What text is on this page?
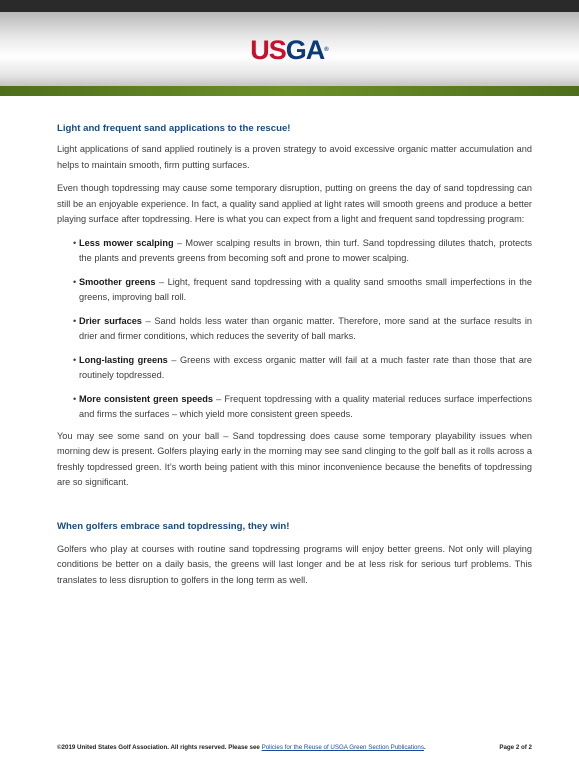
USGA®
Light and frequent sand applications to the rescue!

Light applications of sand applied routinely is a proven strategy to avoid excessive organic matter accumulation and helps to maintain smooth, firm putting surfaces.

Even though topdressing may cause some temporary disruption, putting on greens the day of sand topdressing can still be an enjoyable experience. In fact, a quality sand applied at light rates will smooth greens and produce a better playing surface after topdressing. Here is what you can expect from a light and frequent sand topdressing program:

• Less mower scalping – Mower scalping results in brown, thin turf. Sand topdressing dilutes thatch, protects the plants and prevents greens from becoming soft and prone to mower scalping.
• Smoother greens – Light, frequent sand topdressing with a quality sand smooths small imperfections in the greens, improving ball roll.
• Drier surfaces – Sand holds less water than organic matter. Therefore, more sand at the surface results in drier and firmer conditions, which reduces the severity of ball marks.
• Long-lasting greens – Greens with excess organic matter will fail at a much faster rate than those that are routinely topdressed.
• More consistent green speeds – Frequent topdressing with a quality material reduces surface imperfections and firms the surfaces – which yield more consistent green speeds.

You may see some sand on your ball – Sand topdressing does cause some temporary playability issues when morning dew is present. Golfers playing early in the morning may see sand clinging to the golf ball as it rolls across a freshly topdressed green. It’s worth being patient with this minor inconvenience because the benefits of topdressing are so significant.

When golfers embrace sand topdressing, they win!

Golfers who play at courses with routine sand topdressing programs will enjoy better greens. Not only will playing conditions be better on a daily basis, the greens will last longer and be at less risk for serious turf problems. This translates to less disruption to golfers in the long term as well.

©2019 United States Golf Association. All rights reserved. Please see Policies for the Reuse of USGA Green Section Publications.	Page 2 of 2
